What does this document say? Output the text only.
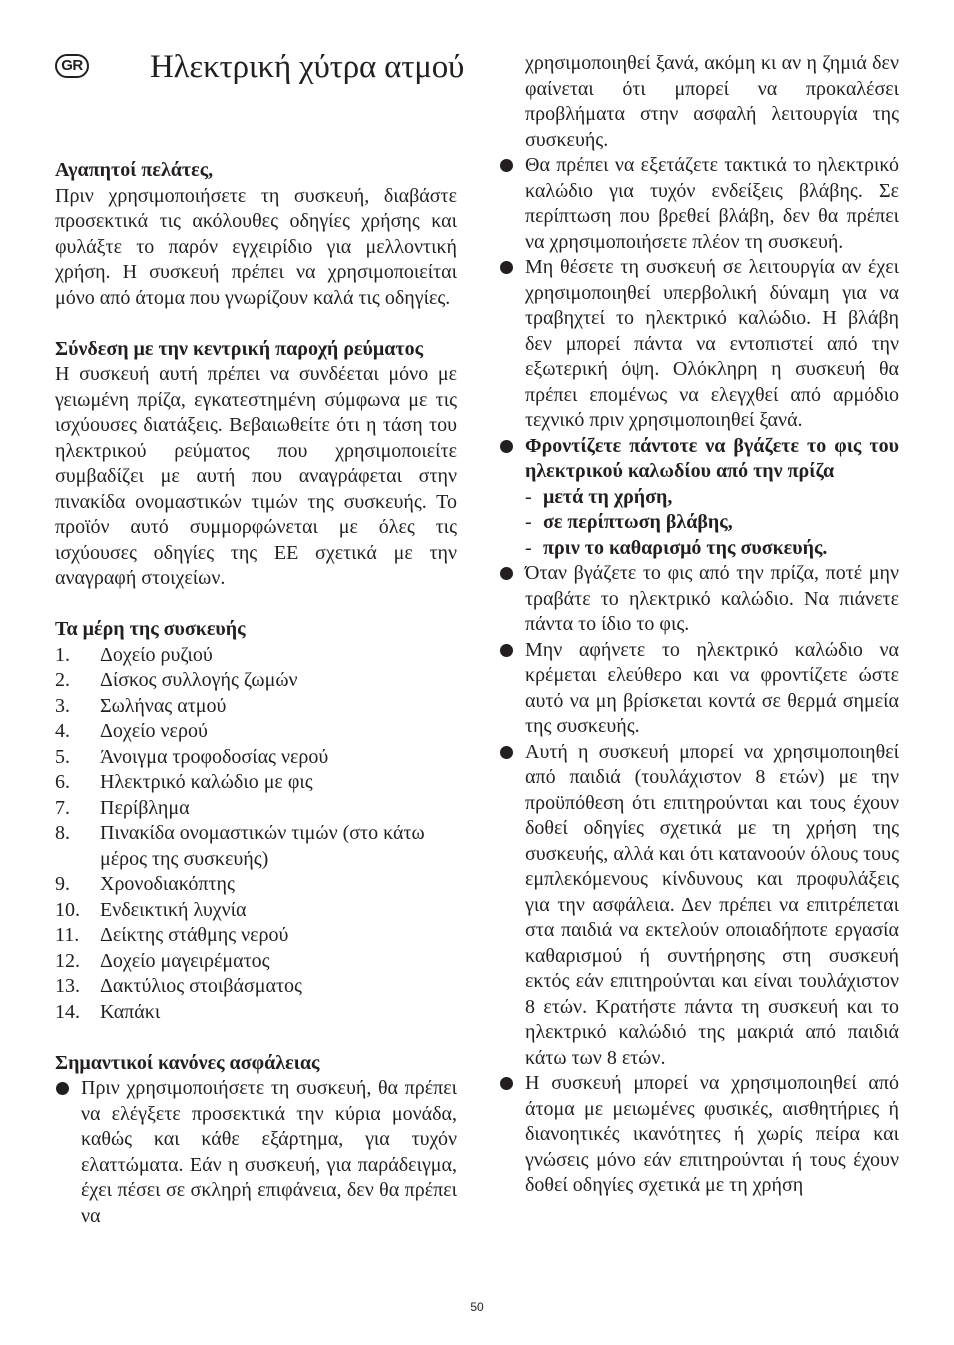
GR Ηλεκτρική χύτρα ατμού

Αγαπητοί πελάτες,

Πριν χρησιμοποιήσετε τη συσκευή, διαβάστε προσεκτικά τις ακόλουθες οδηγίες χρήσης και φυλάξτε το παρόν εγχειρίδιο για μελλοντική χρήση. Η συσκευή πρέπει να χρησιμοποιείται μόνο από άτομα που γνωρίζουν καλά τις οδηγίες.

Σύνδεση με την κεντρική παροχή ρεύματος

Η συσκευή αυτή πρέπει να συνδέεται μόνο με γειωμένη πρίζα, εγκατεστημένη σύμφωνα με τις ισχύουσες διατάξεις. Βεβαιωθείτε ότι η τάση του ηλεκτρικού ρεύματος που χρησιμοποιείτε συμβαδίζει με αυτή που αναγράφεται στην πινακίδα ονομαστικών τιμών της συσκευής. Το προϊόν αυτό συμμορφώνεται με όλες τις ισχύουσες οδηγίες της ΕΕ σχετικά με την αναγραφή στοιχείων.

Τα μέρη της συσκευής

1. Δοχείο ρυζιού
2. Δίσκος συλλογής ζωμών
3. Σωλήνας ατμού
4. Δοχείο νερού
5. Άνοιγμα τροφοδοσίας νερού
6. Ηλεκτρικό καλώδιο με φις
7. Περίβλημα
8. Πινακίδα ονομαστικών τιμών (στο κάτω μέρος της συσκευής)
9. Χρονοδιακόπτης
10. Ενδεικτική λυχνία
11. Δείκτης στάθμης νερού
12. Δοχείο μαγειρέματος
13. Δακτύλιος στοιβάσματος
14. Καπάκι

Σημαντικοί κανόνες ασφάλειας

Πριν χρησιμοποιήσετε τη συσκευή, θα πρέπει να ελέγξετε προσεκτικά την κύρια μονάδα, καθώς και κάθε εξάρτημα, για τυχόν ελαττώματα. Εάν η συσκευή, για παράδειγμα, έχει πέσει σε σκληρή επιφάνεια, δεν θα πρέπει να

χρησιμοποιηθεί ξανά, ακόμη κι αν η ζημιά δεν φαίνεται ότι μπορεί να προκαλέσει προβλήματα στην ασφαλή λειτουργία της συσκευής.

Θα πρέπει να εξετάζετε τακτικά το ηλεκτρικό καλώδιο για τυχόν ενδείξεις βλάβης. Σε περίπτωση που βρεθεί βλάβη, δεν θα πρέπει να χρησιμοποιήσετε πλέον τη συσκευή.
Μη θέσετε τη συσκευή σε λειτουργία αν έχει χρησιμοποιηθεί υπερβολική δύναμη για να τραβηχτεί το ηλεκτρικό καλώδιο. Η βλάβη δεν μπορεί πάντα να εντοπιστεί από την εξωτερική όψη. Ολόκληρη η συσκευή θα πρέπει επομένως να ελεγχθεί από αρμόδιο τεχνικό πριν χρησιμοποιηθεί ξανά.
Φροντίζετε πάντοτε να βγάζετε το φις του ηλεκτρικού καλωδίου από την πρίζα
- μετά τη χρήση,
- σε περίπτωση βλάβης,
- πριν το καθαρισμό της συσκευής.
Όταν βγάζετε το φις από την πρίζα, ποτέ μην τραβάτε το ηλεκτρικό καλώδιο. Να πιάνετε πάντα το ίδιο το φις.
Μην αφήνετε το ηλεκτρικό καλώδιο να κρέμεται ελεύθερο και να φροντίζετε ώστε αυτό να μη βρίσκεται κοντά σε θερμά σημεία της συσκευής.
Αυτή η συσκευή μπορεί να χρησιμοποιηθεί από παιδιά (τουλάχιστον 8 ετών) με την προϋπόθεση ότι επιτηρούνται και τους έχουν δοθεί οδηγίες σχετικά με τη χρήση της συσκευής, αλλά και ότι κατανοούν όλους τους εμπλεκόμενους κίνδυνους και προφυλάξεις για την ασφάλεια. Δεν πρέπει να επιτρέπεται στα παιδιά να εκτελούν οποιαδήποτε εργασία καθαρισμού ή συντήρησης στη συσκευή εκτός εάν επιτηρούνται και είναι τουλάχιστον 8 ετών. Κρατήστε πάντα τη συσκευή και το ηλεκτρικό καλώδιό της μακριά από παιδιά κάτω των 8 ετών.
Η συσκευή μπορεί να χρησιμοποιηθεί από άτομα με μειωμένες φυσικές, αισθητήριες ή διανοητικές ικανότητες ή χωρίς πείρα και γνώσεις μόνο εάν επιτηρούνται ή τους έχουν δοθεί οδηγίες σχετικά με τη χρήση
50
